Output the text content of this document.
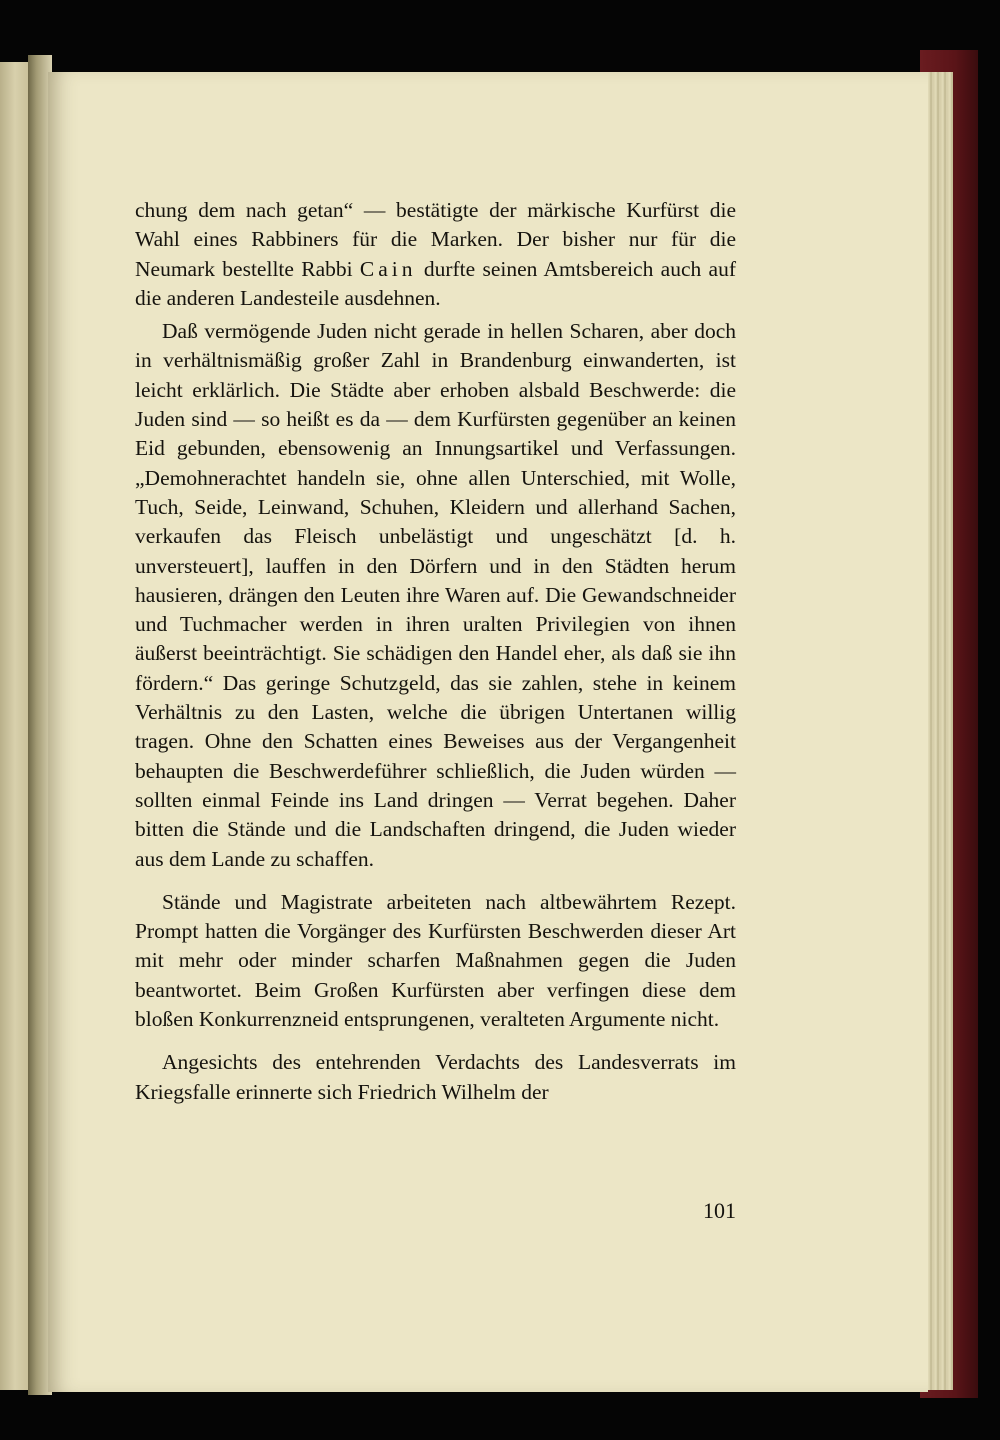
chung dem nach getan“ — bestätigte der märkische Kurfürst die Wahl eines Rabbiners für die Marken. Der bisher nur für die Neumark bestellte Rabbi Cain durfte seinen Amtsbereich auch auf die anderen Landesteile ausdehnen.

Daß vermögende Juden nicht gerade in hellen Scharen, aber doch in verhältnismäßig großer Zahl in Brandenburg einwanderten, ist leicht erklärlich. Die Städte aber erhoben alsbald Beschwerde: die Juden sind — so heißt es da — dem Kurfürsten gegenüber an keinen Eid gebunden, ebensowenig an Innungsartikel und Verfassungen. „Demohnerachtet handeln sie, ohne allen Unterschied, mit Wolle, Tuch, Seide, Leinwand, Schuhen, Kleidern und allerhand Sachen, verkaufen das Fleisch unbelästigt und ungeschätzt [d. h. unversteuert], lauffen in den Dörfern und in den Städten herum hausieren, drängen den Leuten ihre Waren auf. Die Gewandschneider und Tuchmacher werden in ihren uralten Privilegien von ihnen äußerst beeinträchtigt. Sie schädigen den Handel eher, als daß sie ihn fördern.“ Das geringe Schutzgeld, das sie zahlen, stehe in keinem Verhältnis zu den Lasten, welche die übrigen Untertanen willig tragen. Ohne den Schatten eines Beweises aus der Vergangenheit behaupten die Beschwerdeführer schließlich, die Juden würden — sollten einmal Feinde ins Land dringen — Verrat begehen. Daher bitten die Stände und die Landschaften dringend, die Juden wieder aus dem Lande zu schaffen.

Stände und Magistrate arbeiteten nach altbewährtem Rezept. Prompt hatten die Vorgänger des Kurfürsten Beschwerden dieser Art mit mehr oder minder scharfen Maßnahmen gegen die Juden beantwortet. Beim Großen Kurfürsten aber verfingen diese dem bloßen Konkurrenzneid entsprungenen, veralteten Argumente nicht.

Angesichts des entehrenden Verdachts des Landesverrats im Kriegsfalle erinnerte sich Friedrich Wilhelm der

101
